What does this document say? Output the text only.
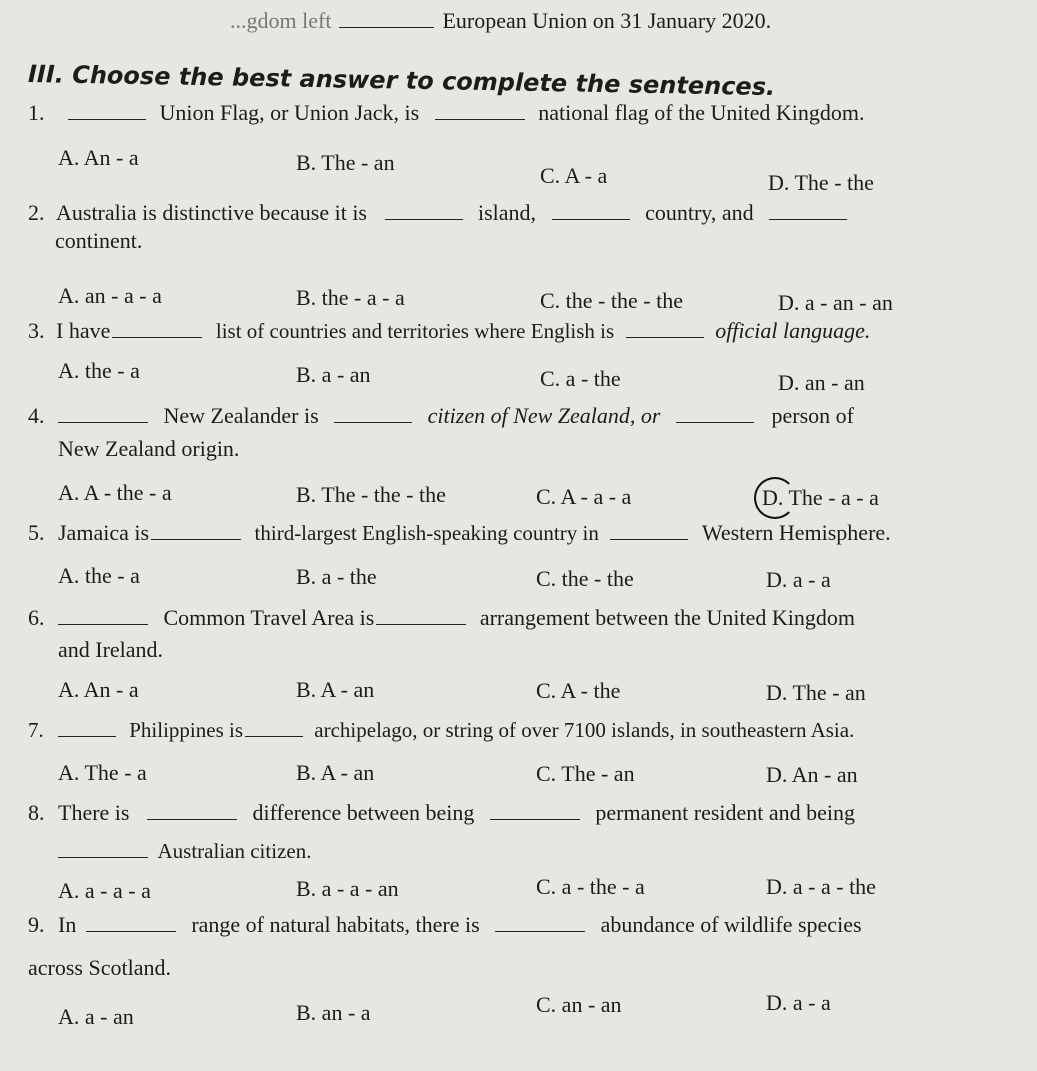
...gdom left	European Union on 31 January 2020.
III. Choose the best answer to complete the sentences.
1.	Union Flag, or Union Jack, is	national flag of the United Kingdom.
A. An - a	B. The - an
C. A - a	D. The - the
2. Australia is distinctive because it is	island,	country, and
continent.
A. an - a - a	B. the - a - a	C. the - the - the	D. a - an - an
3. I have	list of countries and territories where English is	official language.
A. the - a	B. a - an	C. a - the	D. an - an
4.	New Zealander is	citizen of New Zealand, or	person of
New Zealand origin.
A. A - the - a	B. The - the - the	C. A - a - a	D. The - a - a
5. Jamaica is	third-largest English-speaking country in	Western Hemisphere.
A. the - a	B. a - the	C. the - the	D. a - a
6.	Common Travel Area is	arrangement between the United Kingdom
and Ireland.
A. An - a	B. A - an	C. A - the	D. The - an
7.	Philippines is	archipelago, or string of over 7100 islands, in southeastern Asia.
A. The - a	B. A - an	C. The - an	D. An - an
8. There is	difference between being	permanent resident and being
Australian citizen.
A. a - a - a	B. a - a - an	C. a - the - a	D. a - a - the
9. In	range of natural habitats, there is	abundance of wildlife species
across Scotland.
A. a - an	B. an - a	C. an - an	D. a - a
